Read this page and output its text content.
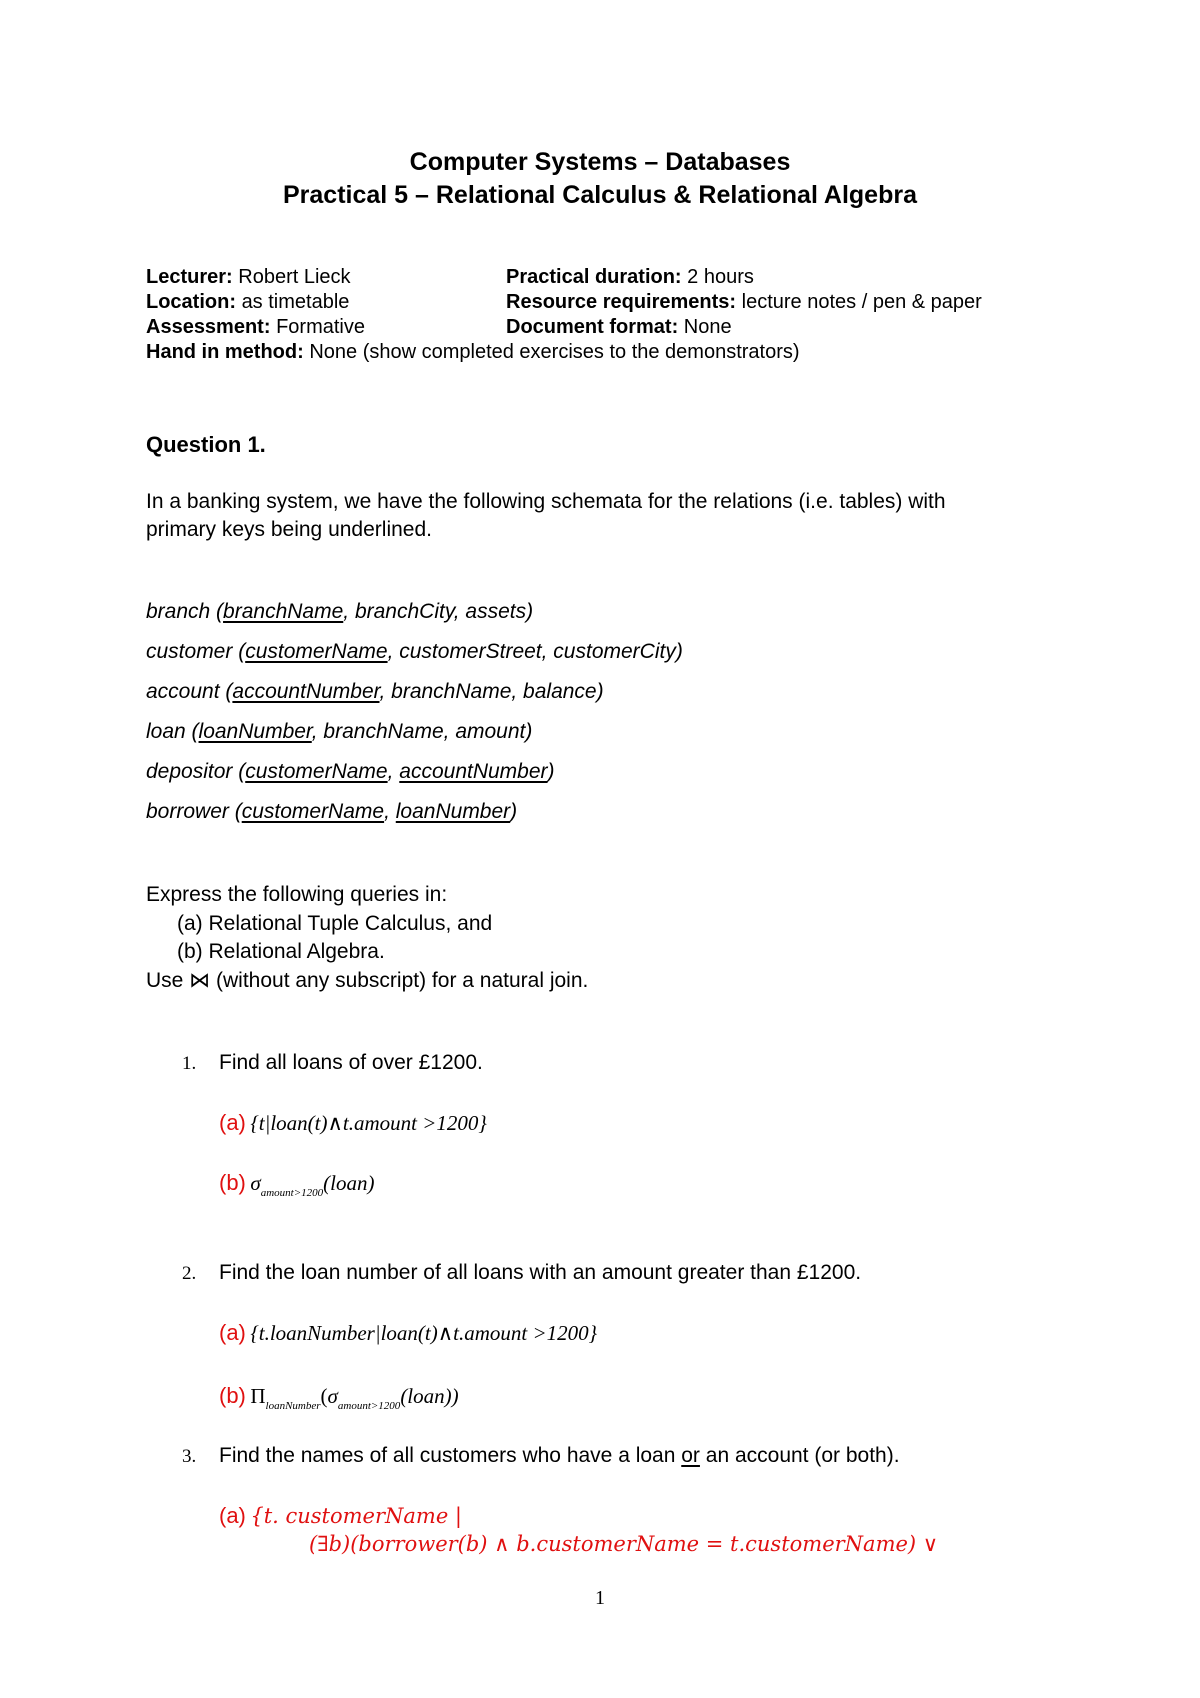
Computer Systems – Databases
Practical 5 – Relational Calculus & Relational Algebra
Lecturer: Robert Lieck
Location: as timetable
Assessment: Formative
Hand in method: None (show completed exercises to the demonstrators)
Practical duration: 2 hours
Resource requirements: lecture notes / pen & paper
Document format: None
Question 1.
In a banking system, we have the following schemata for the relations (i.e. tables) with
primary keys being underlined.
branch (branchName, branchCity, assets)
customer (customerName, customerStreet, customerCity)
account (accountNumber, branchName, balance)
loan (loanNumber, branchName, amount)
depositor (customerName, accountNumber)
borrower (customerName, loanNumber)
Express the following queries in:
(a) Relational Tuple Calculus, and
(b) Relational Algebra.
Use ⋈ (without any subscript) for a natural join.
1. Find all loans of over £1200.
(a) {t|loan(t)∧t.amount >1200}
(b) $\sigma_{amount>1200}(loan)$
2. Find the loan number of all loans with an amount greater than £1200.
(a) {t.loanNumber|loan(t)∧t.amount >1200}
(b) $\Pi_{loanNumber}(\sigma_{amount>1200}(loan))$
3. Find the names of all customers who have a loan or an account (or both).
(a) {t. customerName |
(∃b)(borrower(b) ∧ b.customerName = t.customerName) ∨
1
